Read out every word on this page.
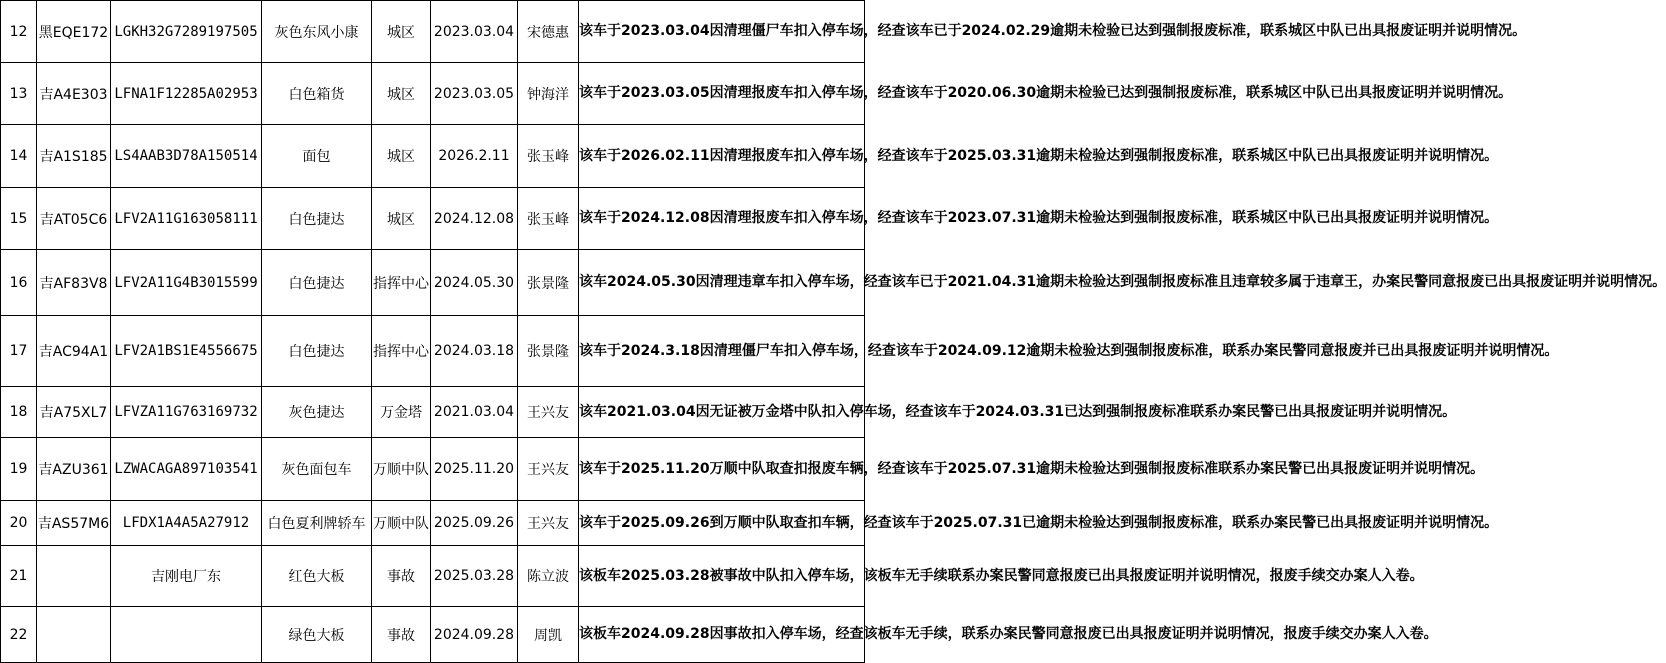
12	黑EQE172	LGKH32G7289197505	灰色东风小康	城区	2023.03.04	宋德惠	该车于2023.03.04因清理僵尸车扣入停车场，经查该车已于2024.02.29逾期未检验已达到强制报废标准，联系城区中队已出具报废证明并说明情况。
13	吉A4E303	LFNA1F12285A02953	白色箱货	城区	2023.03.05	钟海洋	该车于2023.03.05因清理报废车扣入停车场，经查该车于2020.06.30逾期未检验已达到强制报废标准，联系城区中队已出具报废证明并说明情况。
14	吉A1S185	LS4AAB3D78A150514	面包	城区	2026.2.11	张玉峰	该车于2026.02.11因清理报废车扣入停车场，经查该车于2025.03.31逾期未检验达到强制报废标准，联系城区中队已出具报废证明并说明情况。
15	吉AT05C6	LFV2A11G163058111	白色捷达	城区	2024.12.08	张玉峰	该车于2024.12.08因清理报废车扣入停车场，经查该车于2023.07.31逾期未检验达到强制报废标准，联系城区中队已出具报废证明并说明情况。
16	吉AF83V8	LFV2A11G4B3015599	白色捷达	指挥中心	2024.05.30	张景隆	该车2024.05.30因清理违章车扣入停车场，经查该车已于2021.04.31逾期未检验达到强制报废标准且违章较多属于违章王，办案民警同意报废已出具报废证明并说明情况。
17	吉AC94A1	LFV2A1BS1E4556675	白色捷达	指挥中心	2024.03.18	张景隆	该车于2024.3.18因清理僵尸车扣入停车场，经查该车于2024.09.12逾期未检验达到强制报废标准，联系办案民警同意报废并已出具报废证明并说明情况。
18	吉A75XL7	LFVZA11G763169732	灰色捷达	万金塔	2021.03.04	王兴友	该车2021.03.04因无证被万金塔中队扣入停车场，经查该车于2024.03.31已达到强制报废标准联系办案民警已出具报废证明并说明情况。
19	吉AZU361	LZWACAGA897103541	灰色面包车	万顺中队	2025.11.20	王兴友	该车于2025.11.20万顺中队取查扣报废车辆，经查该车于2025.07.31逾期未检验达到强制报废标准联系办案民警已出具报废证明并说明情况。
20	吉AS57M6	LFDX1A4A5A27912	白色夏利牌轿车	万顺中队	2025.09.26	王兴友	该车于2025.09.26到万顺中队取查扣车辆，经查该车于2025.07.31已逾期未检验达到强制报废标准，联系办案民警已出具报废证明并说明情况。
21		吉刚电厂东	红色大板	事故	2025.03.28	陈立波	该板车2025.03.28被事故中队扣入停车场，该板车无手续联系办案民警同意报废已出具报废证明并说明情况，报废手续交办案人入卷。
22			绿色大板	事故	2024.09.28	周凯	该板车2024.09.28因事故扣入停车场，经查该板车无手续，联系办案民警同意报废已出具报废证明并说明情况，报废手续交办案人入卷。
